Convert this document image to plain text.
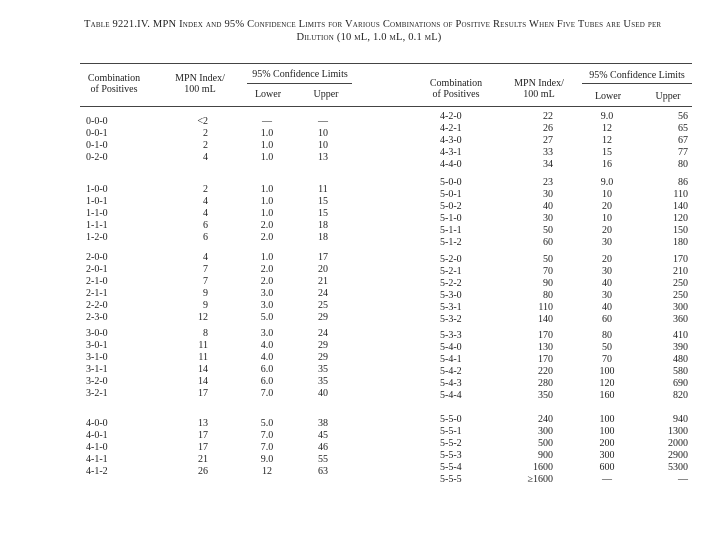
Table 9221.IV. MPN Index and 95% Confidence Limits for Various Combinations of Positive Results When Five Tubes are Used per
Dilution (10 mL, 1.0 mL, 0.1 mL)
Combination
of Positives
MPN Index/
100 mL
95% Confidence Limits
Lower	Upper
Combination
of Positives
MPN Index/
100 mL
95% Confidence Limits
Lower	Upper
0-0-0	<2	—	—
0-0-1	2	1.0	10
0-1-0	2	1.0	10
0-2-0	4	1.0	13
1-0-0	2	1.0	11
1-0-1	4	1.0	15
1-1-0	4	1.0	15
1-1-1	6	2.0	18
1-2-0	6	2.0	18
2-0-0	4	1.0	17
2-0-1	7	2.0	20
2-1-0	7	2.0	21
2-1-1	9	3.0	24
2-2-0	9	3.0	25
2-3-0	12	5.0	29
3-0-0	8	3.0	24
3-0-1	11	4.0	29
3-1-0	11	4.0	29
3-1-1	14	6.0	35
3-2-0	14	6.0	35
3-2-1	17	7.0	40
4-0-0	13	5.0	38
4-0-1	17	7.0	45
4-1-0	17	7.0	46
4-1-1	21	9.0	55
4-1-2	26	12	63
4-2-0	22	9.0	56
4-2-1	26	12	65
4-3-0	27	12	67
4-3-1	33	15	77
4-4-0	34	16	80
5-0-0	23	9.0	86
5-0-1	30	10	110
5-0-2	40	20	140
5-1-0	30	10	120
5-1-1	50	20	150
5-1-2	60	30	180
5-2-0	50	20	170
5-2-1	70	30	210
5-2-2	90	40	250
5-3-0	80	30	250
5-3-1	110	40	300
5-3-2	140	60	360
5-3-3	170	80	410
5-4-0	130	50	390
5-4-1	170	70	480
5-4-2	220	100	580
5-4-3	280	120	690
5-4-4	350	160	820
5-5-0	240	100	940
5-5-1	300	100	1300
5-5-2	500	200	2000
5-5-3	900	300	2900
5-5-4	1600	600	5300
5-5-5	≥1600	—	—
